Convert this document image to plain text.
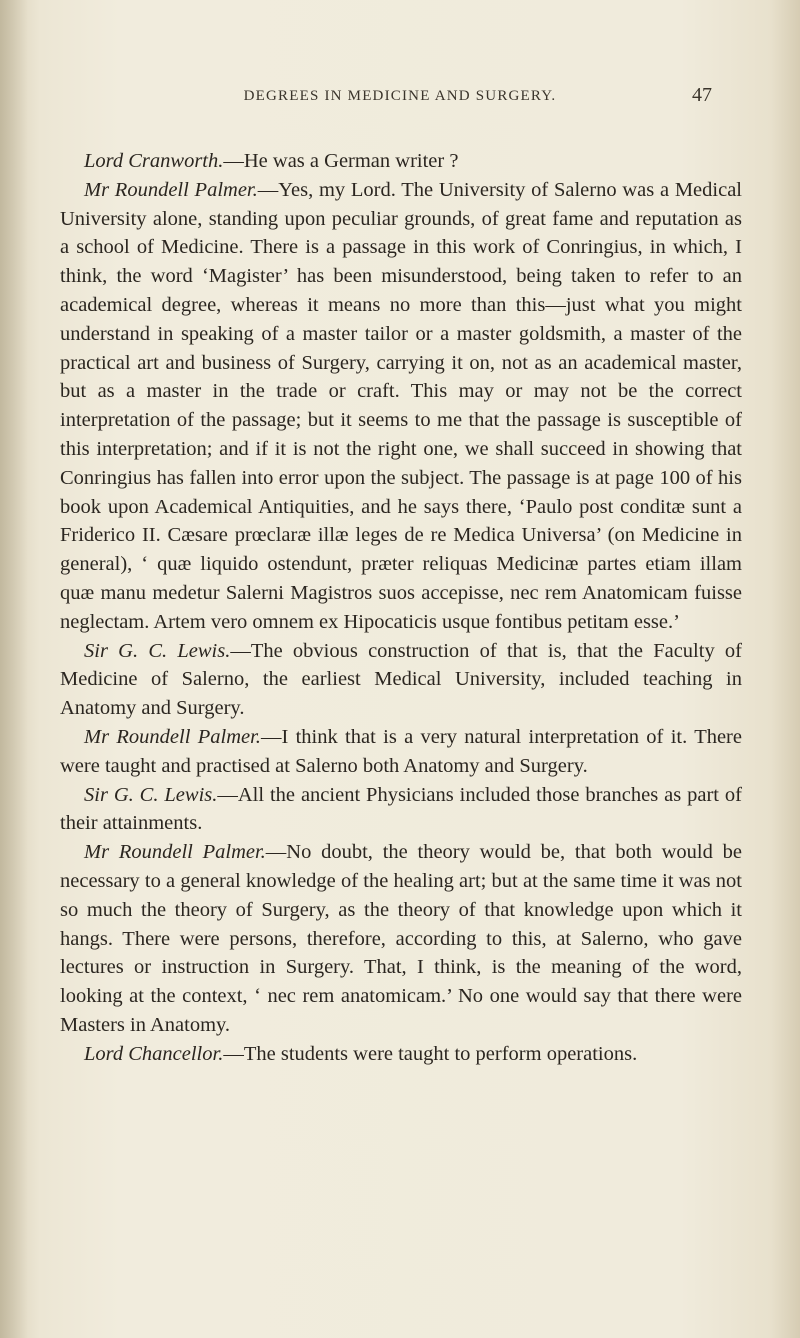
DEGREES IN MEDICINE AND SURGERY.	47

Lord Cranworth.—He was a German writer ?

Mr Roundell Palmer.—Yes, my Lord. The University of Salerno was a Medical University alone, standing upon peculiar grounds, of great fame and reputation as a school of Medicine. There is a passage in this work of Conringius, in which, I think, the word ‘Magister’ has been misunderstood, being taken to refer to an academical degree, whereas it means no more than this—just what you might understand in speaking of a master tailor or a master goldsmith, a master of the practical art and business of Surgery, carrying it on, not as an academical master, but as a master in the trade or craft. This may or may not be the correct interpretation of the passage; but it seems to me that the passage is susceptible of this interpretation; and if it is not the right one, we shall succeed in showing that Conringius has fallen into error upon the subject. The passage is at page 100 of his book upon Academical Antiquities, and he says there, ‘Paulo post conditæ sunt a Friderico II. Cæsare prœclaræ illæ leges de re Medica Universa’ (on Medicine in general), ‘ quæ liquido ostendunt, præter reliquas Medicinæ partes etiam illam quæ manu medetur Salerni Magistros suos accepisse, nec rem Anatomicam fuisse neglectam. Artem vero omnem ex Hipocaticis usque fontibus petitam esse.’

Sir G. C. Lewis.—The obvious construction of that is, that the Faculty of Medicine of Salerno, the earliest Medical University, included teaching in Anatomy and Surgery.

Mr Roundell Palmer.—I think that is a very natural interpretation of it. There were taught and practised at Salerno both Anatomy and Surgery.

Sir G. C. Lewis.—All the ancient Physicians included those branches as part of their attainments.

Mr Roundell Palmer.—No doubt, the theory would be, that both would be necessary to a general knowledge of the healing art; but at the same time it was not so much the theory of Surgery, as the theory of that knowledge upon which it hangs. There were persons, therefore, according to this, at Salerno, who gave lectures or instruction in Surgery. That, I think, is the meaning of the word, looking at the context, ‘ nec rem anatomicam.’ No one would say that there were Masters in Anatomy.

Lord Chancellor.—The students were taught to perform operations.
